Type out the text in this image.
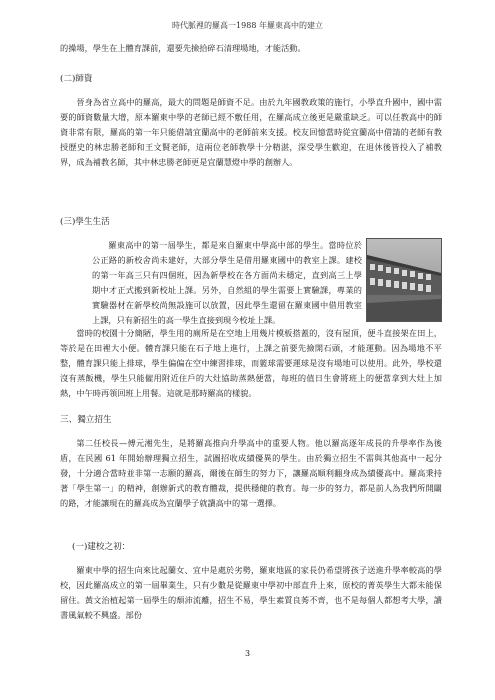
時代脈裡的羅高一1988 年羅東高中的建立

的操場，學生在上體育課前，還要先撿拾碎石清理場地，才能活動。

(二)師資

晉身為省立高中的羅高，最大的問題是師資不足。由於九年國教政策的施行，小學直升國中，國中需要的師資數量大增，原本羅東中學的老師已經不敷任用，在羅高成立後更是嚴重缺乏。可以任教高中的師資非常有限，羅高的第一年只能借請宜蘭高中的老師前來支援。校友回憶當時從宜蘭高中借請的老師有教授歷史的林忠勝老師和王文賢老師，這兩位老師教學十分精湛，深受學生歡迎，在退休後皆投入了補教界，成為補教名師，其中林忠勝老師更是宜蘭慧燈中學的創辦人。

(三)學生生活

羅東高中的第一屆學生，都是來自羅東中學高中部的學生。當時位於公正路的新校舍尚未建好，大部分學生是借用羅東國中的教室上課。建校的第一年高三只有四個班，因為新學校在各方面尚未穩定，直到高三上學期中才正式搬到新校址上課。另外，自然組的學生需要上實驗課，專業的實驗器材在新學校尚無設施可以放置，因此學生還留在羅東國中借用教室上課，只有新招生的高一學生直接到現今校址上課。

當時的校園十分簡陋，學生用的廁所是在空地上用幾片模板搭蓋的，沒有屋頂，便斗直接架在田上，等於是在田裡大小便。體育課只能在石子地上進行，上課之前要先撿開石頭，才能運動。因為場地不平整，體育課只能上排球，學生偏偏在空中練習排球，而籃球需要運球是沒有場地可以使用。此外，學校還沒有蒸飯機，學生只能僱用附近住戶的大灶協助蒸熱便當，每班的值日生會將班上的便當拿到大灶上加熱，中午時再領回班上用餐。這就是那時羅高的樣貌。

三、獨立招生

第二任校長—傅元湘先生，是將羅高推向升學高中的重要人物。他以羅高逐年成長的升學率作為後盾，在民國 61 年開始辦理獨立招生，試圖招收成績優異的學生。由於獨立招生不需與其他高中一起分發，十分適合當時並非第一志願的羅高，爾後在師生的努力下，讓羅高順利翻身成為績優高中。羅高秉持著「學生第一」的精神，創辦新式的教育體裁，提供穩健的教育。每一步的努力，都是前人為我們所開闢的路，才能讓現在的羅高成為宜蘭學子就讀高中的第一選擇。

(一)建校之初：

羅東中學的招生向來比起蘭女、宜中是處於劣勢，羅東地區的家長仍希望將孩子送進升學率較高的學校，因此羅高成立的第一屆畢業生，只有少數是從羅東中學初中部直升上來，原校的菁英學生大都未能保留住。黃文治植起第一屆學生的頹沛流離，招生不易，學生素質良莠不齊，也不是每個人都想考大學，讀書風氣較不興盛。部份

3
